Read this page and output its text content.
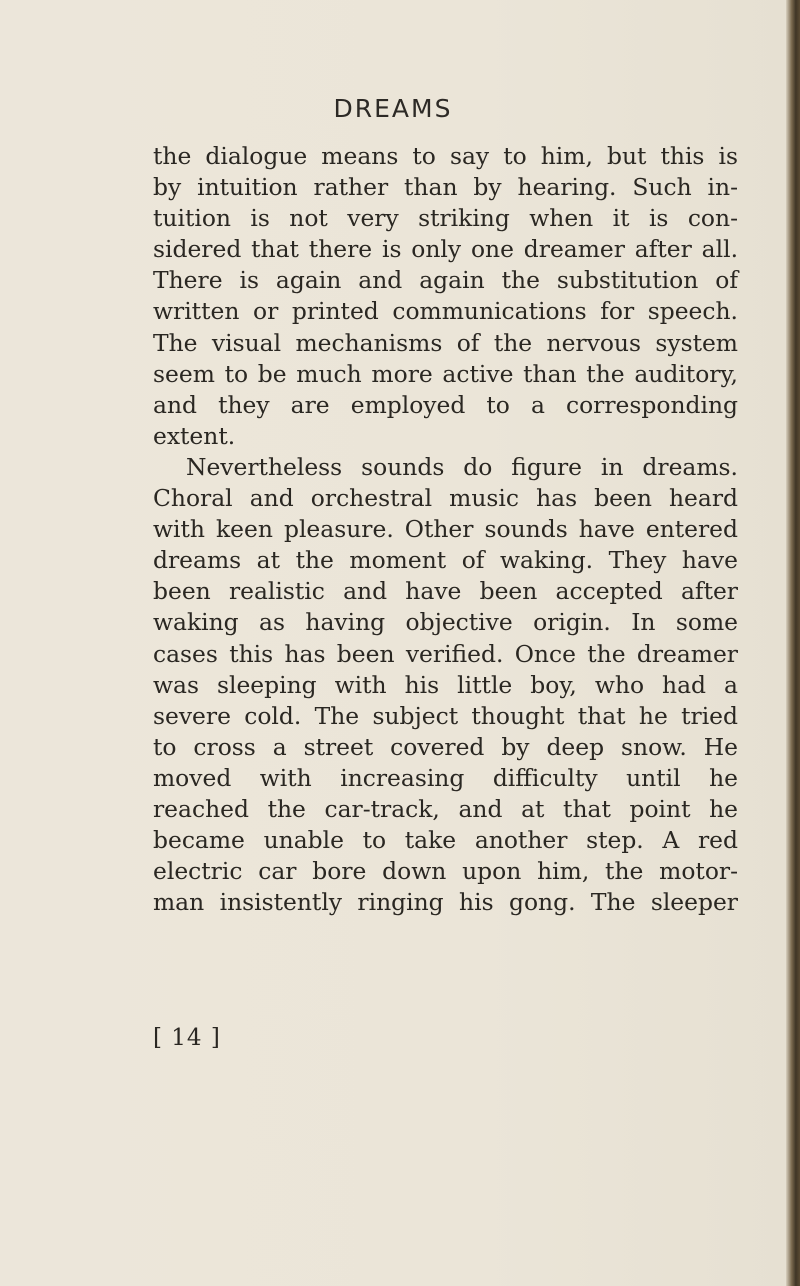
DREAMS
the dialogue means to say to him, but this is
by intuition rather than by hearing. Such in-
tuition is not very striking when it is con-
sidered that there is only one dreamer after all.
There is again and again the substitution of
written or printed communications for speech.
The visual mechanisms of the nervous system
seem to be much more active than the auditory,
and they are employed to a corresponding
extent.
Nevertheless sounds do figure in dreams.
Choral and orchestral music has been heard
with keen pleasure. Other sounds have entered
dreams at the moment of waking. They have
been realistic and have been accepted after
waking as having objective origin. In some
cases this has been verified. Once the dreamer
was sleeping with his little boy, who had a
severe cold. The subject thought that he tried
to cross a street covered by deep snow. He
moved with increasing difficulty until he
reached the car-track, and at that point he
became unable to take another step. A red
electric car bore down upon him, the motor-
man insistently ringing his gong. The sleeper
[ 14 ]
